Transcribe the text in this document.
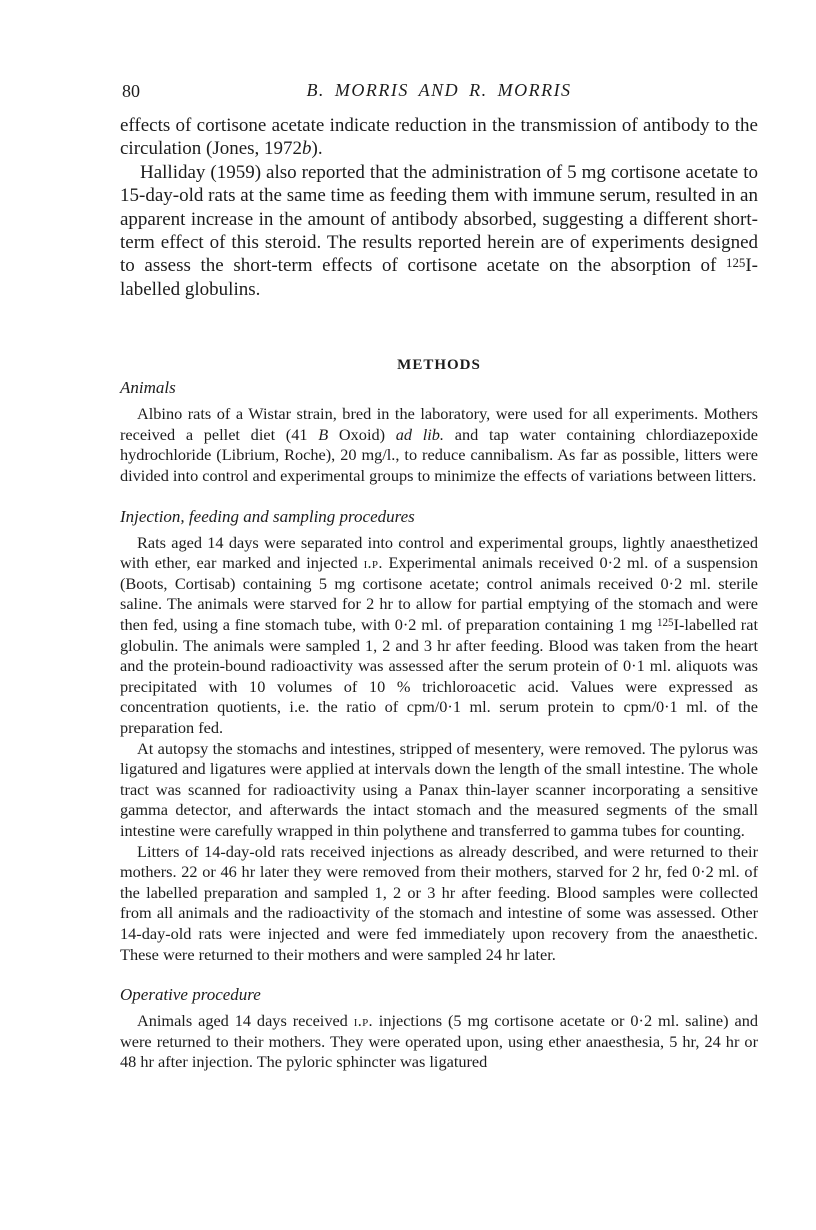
80	B. MORRIS AND R. MORRIS

effects of cortisone acetate indicate reduction in the transmission of antibody to the circulation (Jones, 1972b).

Halliday (1959) also reported that the administration of 5 mg cortisone acetate to 15-day-old rats at the same time as feeding them with immune serum, resulted in an apparent increase in the amount of antibody absorbed, suggesting a different short-term effect of this steroid. The results reported herein are of experiments designed to assess the short-term effects of cortisone acetate on the absorption of $^{125}$I-labelled globulins.

METHODS
Animals

Albino rats of a Wistar strain, bred in the laboratory, were used for all experiments. Mothers received a pellet diet (41 B Oxoid) ad lib. and tap water containing chlordiazepoxide hydrochloride (Librium, Roche), 20 mg/l., to reduce cannibalism. As far as possible, litters were divided into control and experimental groups to minimize the effects of variations between litters.

Injection, feeding and sampling procedures

Rats aged 14 days were separated into control and experimental groups, lightly anaesthetized with ether, ear marked and injected i.p. Experimental animals received 0·2 ml. of a suspension (Boots, Cortisab) containing 5 mg cortisone acetate; control animals received 0·2 ml. sterile saline. The animals were starved for 2 hr to allow for partial emptying of the stomach and were then fed, using a fine stomach tube, with 0·2 ml. of preparation containing 1 mg $^{125}$I-labelled rat globulin. The animals were sampled 1, 2 and 3 hr after feeding. Blood was taken from the heart and the protein-bound radioactivity was assessed after the serum protein of 0·1 ml. aliquots was precipitated with 10 volumes of 10 % trichloroacetic acid. Values were expressed as concentration quotients, i.e. the ratio of cpm/0·1 ml. serum protein to cpm/0·1 ml. of the preparation fed.

At autopsy the stomachs and intestines, stripped of mesentery, were removed. The pylorus was ligatured and ligatures were applied at intervals down the length of the small intestine. The whole tract was scanned for radioactivity using a Panax thin-layer scanner incorporating a sensitive gamma detector, and afterwards the intact stomach and the measured segments of the small intestine were carefully wrapped in thin polythene and transferred to gamma tubes for counting.

Litters of 14-day-old rats received injections as already described, and were returned to their mothers. 22 or 46 hr later they were removed from their mothers, starved for 2 hr, fed 0·2 ml. of the labelled preparation and sampled 1, 2 or 3 hr after feeding. Blood samples were collected from all animals and the radioactivity of the stomach and intestine of some was assessed. Other 14-day-old rats were injected and were fed immediately upon recovery from the anaesthetic. These were returned to their mothers and were sampled 24 hr later.

Operative procedure

Animals aged 14 days received i.p. injections (5 mg cortisone acetate or 0·2 ml. saline) and were returned to their mothers. They were operated upon, using ether anaesthesia, 5 hr, 24 hr or 48 hr after injection. The pyloric sphincter was ligatured
